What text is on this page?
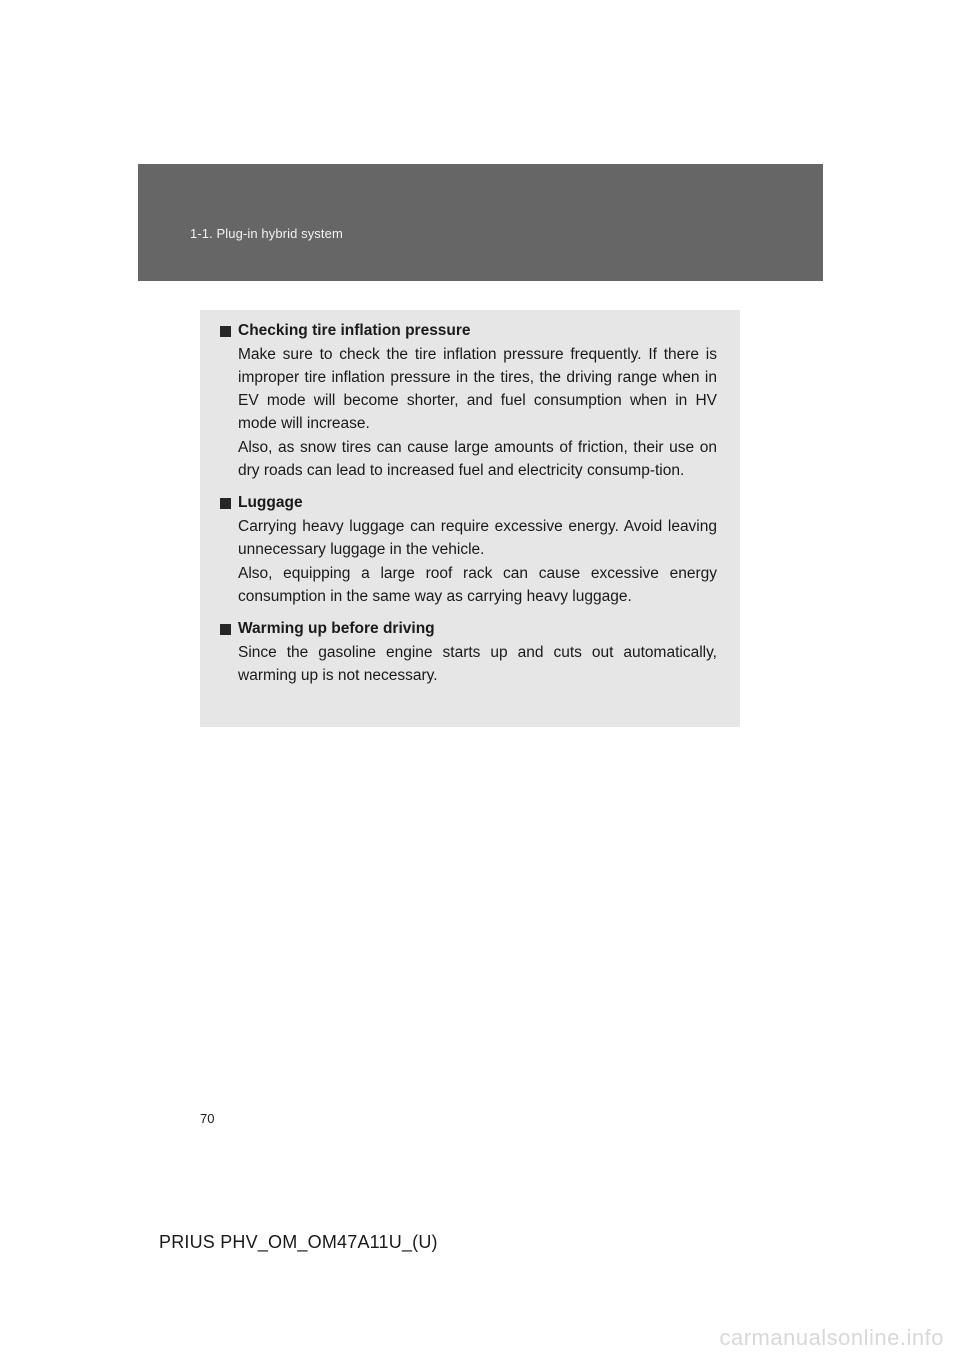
1-1. Plug-in hybrid system
Checking tire inflation pressure

Make sure to check the tire inflation pressure frequently. If there is improper tire inflation pressure in the tires, the driving range when in EV mode will become shorter, and fuel consumption when in HV mode will increase.

Also, as snow tires can cause large amounts of friction, their use on dry roads can lead to increased fuel and electricity consump-tion.

Luggage

Carrying heavy luggage can require excessive energy. Avoid leaving unnecessary luggage in the vehicle.

Also, equipping a large roof rack can cause excessive energy consumption in the same way as carrying heavy luggage.

Warming up before driving

Since the gasoline engine starts up and cuts out automatically, warming up is not necessary.

70
PRIUS PHV_OM_OM47A11U_(U)
carmanualsonline.info
